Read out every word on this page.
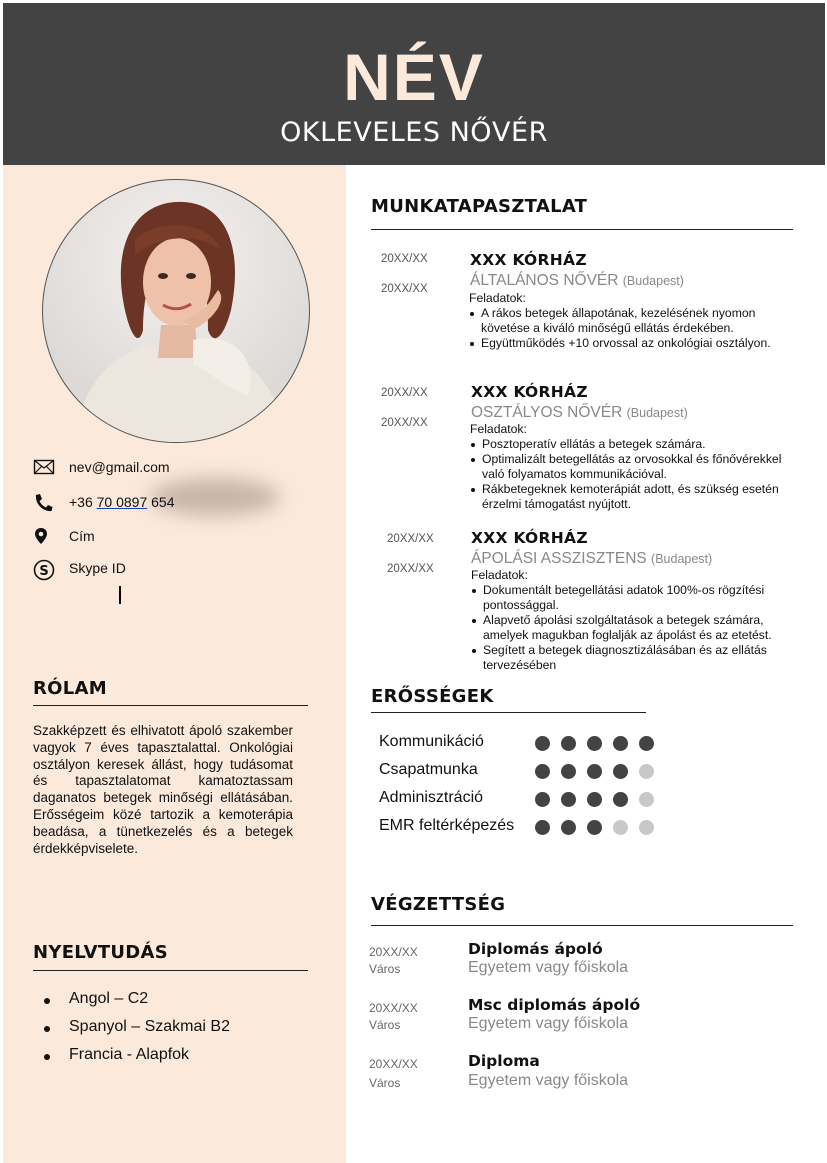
NÉV
OKLEVELES NŐVÉR
nev@gmail.com
+36 70 0897 654
Cím
S Skype ID
RÓLAM
Szakképzett és elhivatott ápoló szakember vagyok 7 éves tapasztalattal. Onkológiai osztályon keresek állást, hogy tudásomat és tapasztalatomat kamatoztassam daganatos betegek minőségi ellátásában. Erősségeim közé tartozik a kemoterápia beadása, a tünetkezelés és a betegek érdekképviselete.
NYELVTUDÁS
Angol – C2
Spanyol – Szakmai B2
Francia - Alapfok
MUNKATAPASZTALAT
20XX/XX
20XX/XX
XXX KÓRHÁZ
ÁLTALÁNOS NŐVÉR (Budapest)
Feladatok:
A rákos betegek állapotának, kezelésének nyomon követése a kiváló minőségű ellátás érdekében.
Együttműködés +10 orvossal az onkológiai osztályon.
20XX/XX
20XX/XX
XXX KÓRHÁZ
OSZTÁLYOS NŐVÉR (Budapest)
Feladatok:
Posztoperatív ellátás a betegek számára.
Optimalizált betegellátás az orvosokkal és főnővérekkel való folyamatos kommunikációval.
Rákbetegeknek kemoterápiát adott, és szükség esetén érzelmi támogatást nyújtott.
20XX/XX
20XX/XX
XXX KÓRHÁZ
ÁPOLÁSI ASSZISZTENS (Budapest)
Feladatok:
Dokumentált betegellátási adatok 100%-os rögzítési pontossággal.
Alapvető ápolási szolgáltatások a betegek számára, amelyek magukban foglalják az ápolást és az etetést.
Segített a betegek diagnosztizálásában és az ellátás tervezésében
ERŐSSÉGEK
Kommunikáció
Csapatmunka
Adminisztráció
EMR feltérképezés
VÉGZETTSÉG
20XX/XX
Város
Diplomás ápoló
Egyetem vagy főiskola
20XX/XX
Város
Msc diplomás ápoló
Egyetem vagy főiskola
20XX/XX
Város
Diploma
Egyetem vagy főiskola
